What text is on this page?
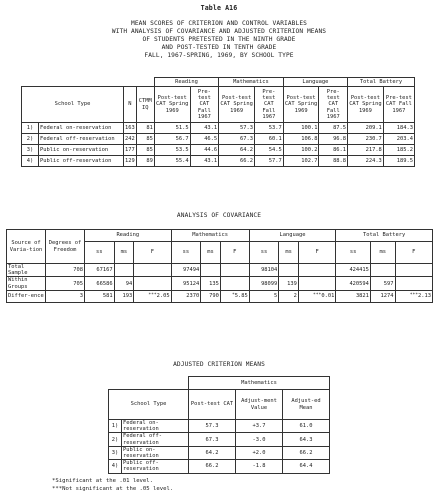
Table A16
MEAN SCORES OF CRITERION AND CONTROL VARIABLES
WITH ANALYSIS OF COVARIANCE AND ADJUSTED CRITERION MEANS
OF STUDENTS PRETESTED IN THE NINTH GRADE
AND POST-TESTED IN TENTH GRADE
FALL, 1967-SPRING, 1969, BY SCHOOL TYPE
				Reading		Mathematics		Language		Total Battery	
School Type		N	CTMM IQ	Post-test CAT Spring 1969	Pre-test CAT Fall 1967	Post-test CAT Spring 1969	Pre-test CAT Fall 1967	Post-test CAT Spring 1969	Pre-test CAT Fall 1967	Post-test CAT Spring 1969	Pre-test CAT Fall 1967
1)	Federal on-reservation	163	81	51.5	43.1	57.3	53.7	100.1	87.5	209.1	184.3
2)	Federal off-reservation	242	85	56.7	46.5	67.3	60.1	106.8	96.8	230.7	203.4
3)	Public on-reservation	177	85	53.5	44.6	64.2	54.5	100.2	86.1	217.8	185.2
4)	Public off-reservation	129	89	55.4	43.1	66.2	57.7	102.7	88.8	224.3	189.5
ANALYSIS OF COVARIANCE
Source of Varia-tion	Degrees of Freedom	Reading			Mathematics			Language			Total Battery		
		ss	ms	F	ss	ms	F	ss	ms	F	ss	ms	F
Total Sample	708	67167			97494			98104			424415		
Within Groups	705	66586	94		95124	135		98099	139		420594	597	
Differ-ence	3	581	193	***2.05	2370	790	*5.85	5	2	***0.01	3821	1274	***2.13
ADJUSTED CRITERION MEANS
		Mathematics		
School Type		Post-test CAT	Adjust-ment Value	Adjust-ed Mean
1)	Federal on-reservation	57.3	+3.7	61.0
2)	Federal off-reservation	67.3	-3.0	64.3
3)	Public on-reservation	64.2	+2.0	66.2
4)	Public off-reservation	66.2	-1.8	64.4
*Significant at the .01 level.
***Not significant at the .05 level.
